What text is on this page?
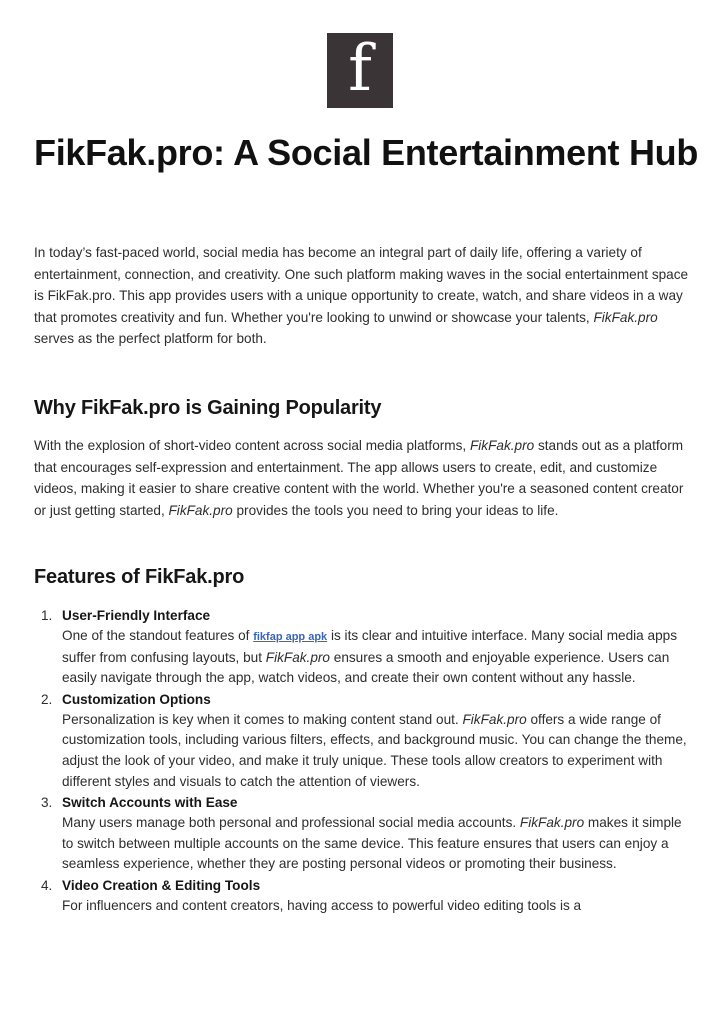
f
FikFak.pro: A Social Entertainment Hub

In today’s fast-paced world, social media has become an integral part of daily life, offering a variety of entertainment, connection, and creativity. One such platform making waves in the social entertainment space is FikFak.pro. This app provides users with a unique opportunity to create, watch, and share videos in a way that promotes creativity and fun. Whether you're looking to unwind or showcase your talents, FikFak.pro serves as the perfect platform for both.

Why FikFak.pro is Gaining Popularity

With the explosion of short-video content across social media platforms, FikFak.pro stands out as a platform that encourages self-expression and entertainment. The app allows users to create, edit, and customize videos, making it easier to share creative content with the world. Whether you're a seasoned content creator or just getting started, FikFak.pro provides the tools you need to bring your ideas to life.

Features of FikFak.pro
1. User-Friendly Interface
One of the standout features of fikfap app apk is its clear and intuitive interface. Many social media apps suffer from confusing layouts, but FikFak.pro ensures a smooth and enjoyable experience. Users can easily navigate through the app, watch videos, and create their own content without any hassle.
2. Customization Options
Personalization is key when it comes to making content stand out. FikFak.pro offers a wide range of customization tools, including various filters, effects, and background music. You can change the theme, adjust the look of your video, and make it truly unique. These tools allow creators to experiment with different styles and visuals to catch the attention of viewers.
3. Switch Accounts with Ease
Many users manage both personal and professional social media accounts. FikFak.pro makes it simple to switch between multiple accounts on the same device. This feature ensures that users can enjoy a seamless experience, whether they are posting personal videos or promoting their business.
4. Video Creation & Editing Tools
For influencers and content creators, having access to powerful video editing tools is a
